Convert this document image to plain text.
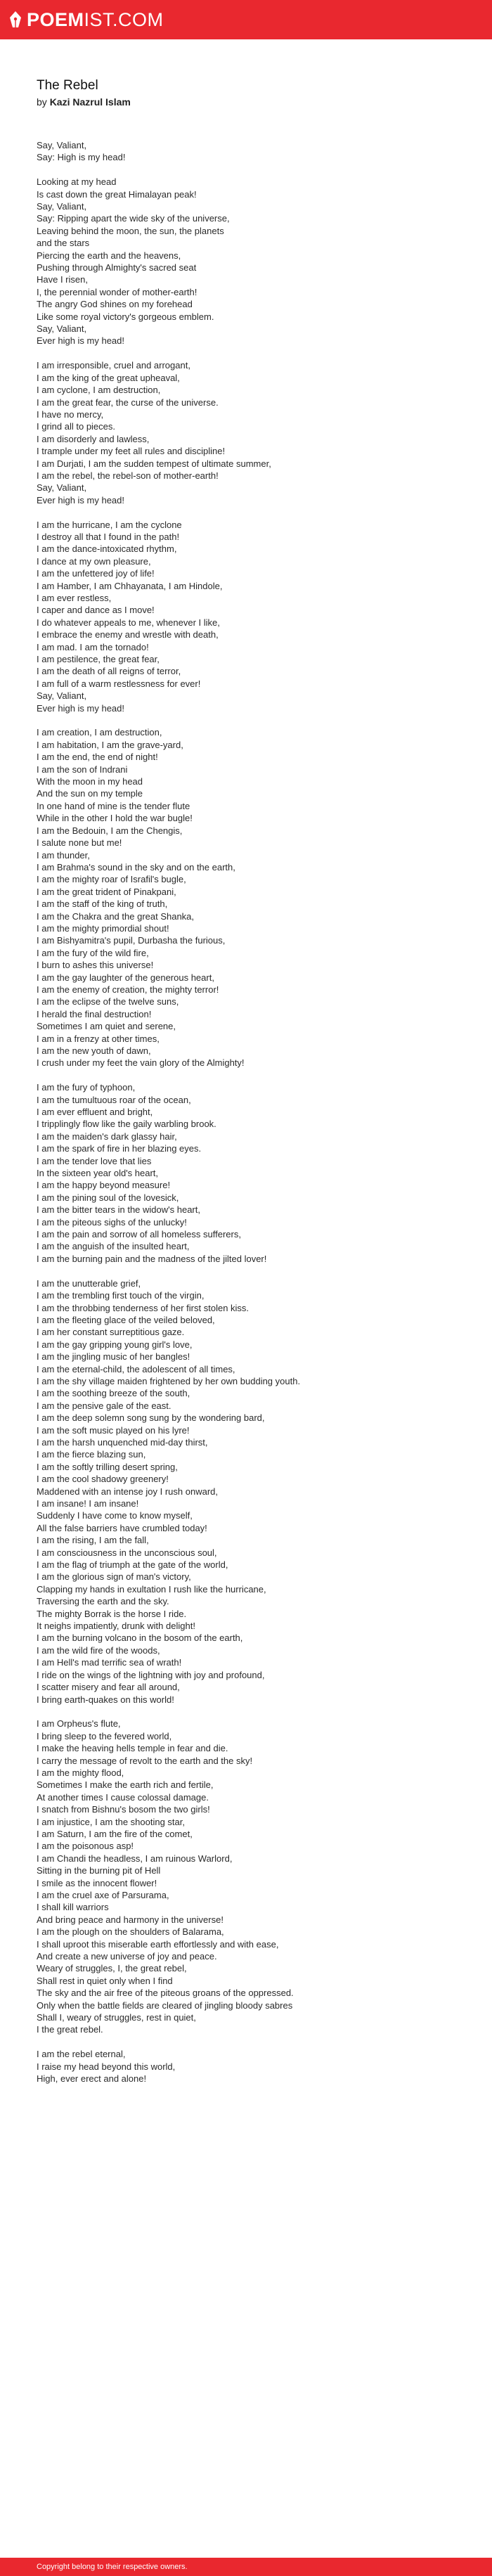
POEMIST.COM
The Rebel
by Kazi Nazrul Islam
Say, Valiant,
Say: High is my head!
Looking at my head
Is cast down the great Himalayan peak!
Say, Valiant,
Say: Ripping apart the wide sky of the universe,
Leaving behind the moon, the sun, the planets
and the stars
Piercing the earth and the heavens,
Pushing through Almighty's sacred seat
Have I risen,
I, the perennial wonder of mother-earth!
The angry God shines on my forehead
Like some royal victory's gorgeous emblem.
Say, Valiant,
Ever high is my head!
I am irresponsible, cruel and arrogant,
I am the king of the great upheaval,
I am cyclone, I am destruction,
I am the great fear, the curse of the universe.
I have no mercy,
I grind all to pieces.
I am disorderly and lawless,
I trample under my feet all rules and discipline!
I am Durjati, I am the sudden tempest of ultimate summer,
I am the rebel, the rebel-son of mother-earth!
Say, Valiant,
Ever high is my head!
I am the hurricane, I am the cyclone
I destroy all that I found in the path!
I am the dance-intoxicated rhythm,
I dance at my own pleasure,
I am the unfettered joy of life!
I am Hamber, I am Chhayanata, I am Hindole,
I am ever restless,
I caper and dance as I move!
I do whatever appeals to me, whenever I like,
I embrace the enemy and wrestle with death,
I am mad. I am the tornado!
I am pestilence, the great fear,
I am the death of all reigns of terror,
I am full of a warm restlessness for ever!
Say, Valiant,
Ever high is my head!
I am creation, I am destruction,
I am habitation, I am the grave-yard,
I am the end, the end of night!
I am the son of Indrani
With the moon in my head
And the sun on my temple
In one hand of mine is the tender flute
While in the other I hold the war bugle!
I am the Bedouin, I am the Chengis,
I salute none but me!
I am thunder,
I am Brahma's sound in the sky and on the earth,
I am the mighty roar of Israfil's bugle,
I am the great trident of Pinakpani,
I am the staff of the king of truth,
I am the Chakra and the great Shanka,
I am the mighty primordial shout!
I am Bishyamitra's pupil, Durbasha the furious,
I am the fury of the wild fire,
I burn to ashes this universe!
I am the gay laughter of the generous heart,
I am the enemy of creation, the mighty terror!
I am the eclipse of the twelve suns,
I herald the final destruction!
Sometimes I am quiet and serene,
I am in a frenzy at other times,
I am the new youth of dawn,
I crush under my feet the vain glory of the Almighty!
I am the fury of typhoon,
I am the tumultuous roar of the ocean,
I am ever effluent and bright,
I tripplingly flow like the gaily warbling brook.
I am the maiden's dark glassy hair,
I am the spark of fire in her blazing eyes.
I am the tender love that lies
In the sixteen year old's heart,
I am the happy beyond measure!
I am the pining soul of the lovesick,
I am the bitter tears in the widow's heart,
I am the piteous sighs of the unlucky!
I am the pain and sorrow of all homeless sufferers,
I am the anguish of the insulted heart,
I am the burning pain and the madness of the jilted lover!
I am the unutterable grief,
I am the trembling first touch of the virgin,
I am the throbbing tenderness of her first stolen kiss.
I am the fleeting glace of the veiled beloved,
I am her constant surreptitious gaze.
I am the gay gripping young girl's love,
I am the jingling music of her bangles!
I am the eternal-child, the adolescent of all times,
I am the shy village maiden frightened by her own budding youth.
I am the soothing breeze of the south,
I am the pensive gale of the east.
I am the deep solemn song sung by the wondering bard,
I am the soft music played on his lyre!
I am the harsh unquenched mid-day thirst,
I am the fierce blazing sun,
I am the softly trilling desert spring,
I am the cool shadowy greenery!
Maddened with an intense joy I rush onward,
I am insane! I am insane!
Suddenly I have come to know myself,
All the false barriers have crumbled today!
I am the rising, I am the fall,
I am consciousness in the unconscious soul,
I am the flag of triumph at the gate of the world,
I am the glorious sign of man's victory,
Clapping my hands in exultation I rush like the hurricane,
Traversing the earth and the sky.
The mighty Borrak is the horse I ride.
It neighs impatiently, drunk with delight!
I am the burning volcano in the bosom of the earth,
I am the wild fire of the woods,
I am Hell's mad terrific sea of wrath!
I ride on the wings of the lightning with joy and profound,
I scatter misery and fear all around,
I bring earth-quakes on this world!
I am Orpheus's flute,
I bring sleep to the fevered world,
I make the heaving hells temple in fear and die.
I carry the message of revolt to the earth and the sky!
I am the mighty flood,
Sometimes I make the earth rich and fertile,
At another times I cause colossal damage.
I snatch from Bishnu's bosom the two girls!
I am injustice, I am the shooting star,
I am Saturn, I am the fire of the comet,
I am the poisonous asp!
I am Chandi the headless, I am ruinous Warlord,
Sitting in the burning pit of Hell
I smile as the innocent flower!
I am the cruel axe of Parsurama,
I shall kill warriors
And bring peace and harmony in the universe!
I am the plough on the shoulders of Balarama,
I shall uproot this miserable earth effortlessly and with ease,
And create a new universe of joy and peace.
Weary of struggles, I, the great rebel,
Shall rest in quiet only when I find
The sky and the air free of the piteous groans of the oppressed.
Only when the battle fields are cleared of jingling bloody sabres
Shall I, weary of struggles, rest in quiet,
I the great rebel.
I am the rebel eternal,
I raise my head beyond this world,
High, ever erect and alone!
Copyright belong to their respective owners.
